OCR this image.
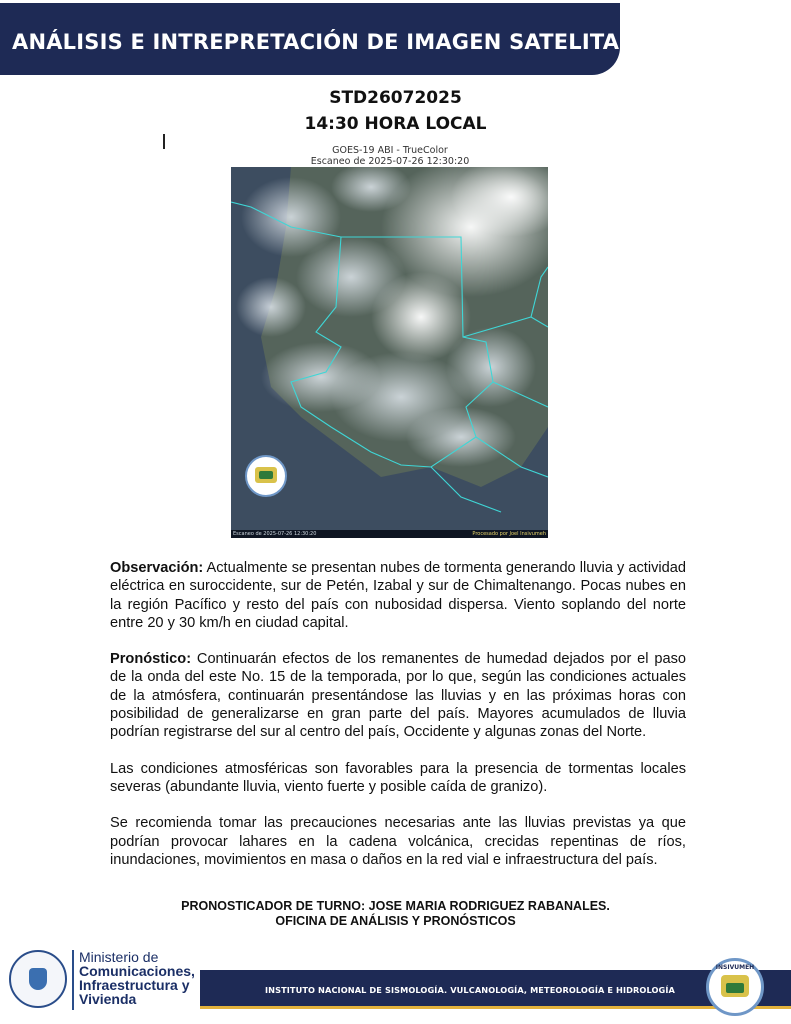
ANÁLISIS E INTREPRETACIÓN DE IMAGEN SATELITAL
STD26072025
14:30 HORA LOCAL
GOES-19 ABI - TrueColor
Escaneo de 2025-07-26 12:30:20
Escaneo de 2025-07-26 12:30:20	Procesado por Joel Insivumeh

Observación: Actualmente se presentan nubes de tormenta generando lluvia y actividad eléctrica en suroccidente, sur de Petén, Izabal y sur de Chimaltenango. Pocas nubes en la región Pacífico y resto del país con nubosidad dispersa. Viento soplando del norte entre 20 y 30 km/h en ciudad capital.

Pronóstico: Continuarán efectos de los remanentes de humedad dejados por el paso de la onda del este No. 15 de la temporada, por lo que, según las condiciones actuales de la atmósfera, continuarán presentándose las lluvias y en las próximas horas con posibilidad de generalizarse en gran parte del país. Mayores acumulados de lluvia podrían registrarse del sur al centro del país, Occidente y algunas zonas del Norte.

Las condiciones atmosféricas son favorables para la presencia de tormentas locales severas (abundante lluvia, viento fuerte y posible caída de granizo).

Se recomienda tomar las precauciones necesarias ante las lluvias previstas ya que podrían provocar lahares en la cadena volcánica, crecidas repentinas de ríos, inundaciones, movimientos en masa o daños en la red vial e infraestructura del país.

PRONOSTICADOR DE TURNO: JOSE MARIA RODRIGUEZ RABANALES.
OFICINA DE ANÁLISIS Y PRONÓSTICOS
Ministerio de
Comunicaciones,
Infraestructura y
Vivienda
INSTITUTO NACIONAL DE SISMOLOGÍA. VULCANOLOGÍA, METEOROLOGÍA E HIDROLOGÍA
INSIVUMEH
